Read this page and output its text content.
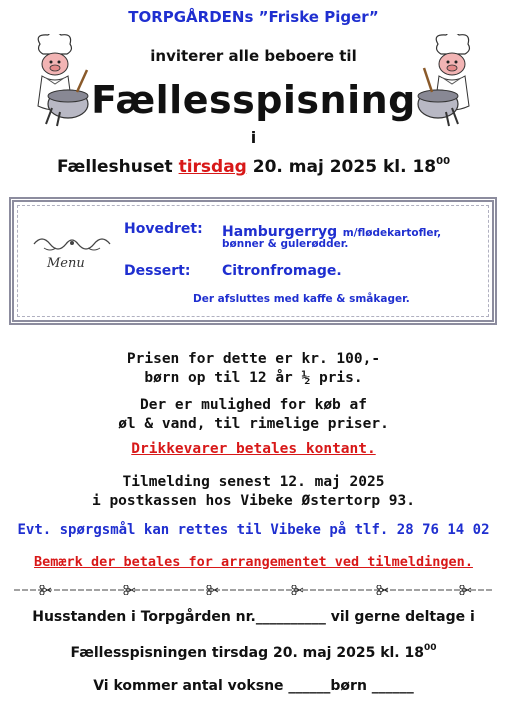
TORPGÅRDENs ”Friske Piger”
inviterer alle beboere til
Fællesspisning
i
Fælleshuset tirsdag 20. maj 2025 kl. $18^{00}$
Menu
Hovedret: Hamburgerryg m/flødekartofler,
bønner & gulerødder.
Dessert: Citronfromage.
Der afsluttes med kaffe & småkager.
Prisen for dette er kr. 100,-
børn op til 12 år ½ pris.
Der er mulighed for køb af
øl & vand, til rimelige priser.
Drikkevarer betales kontant.
Tilmelding senest 12. maj 2025
i postkassen hos Vibeke Østertorp 93.
Evt. spørgsmål kan rettes til Vibeke på tlf. 28 76 14 02
Bemærk der betales for arrangementet ved tilmeldingen.
Husstanden i Torpgården nr.__________ vil gerne deltage i
Fællesspisningen tirsdag 20. maj 2025 kl. $18^{00}$
Vi kommer antal voksne ______børn ______
